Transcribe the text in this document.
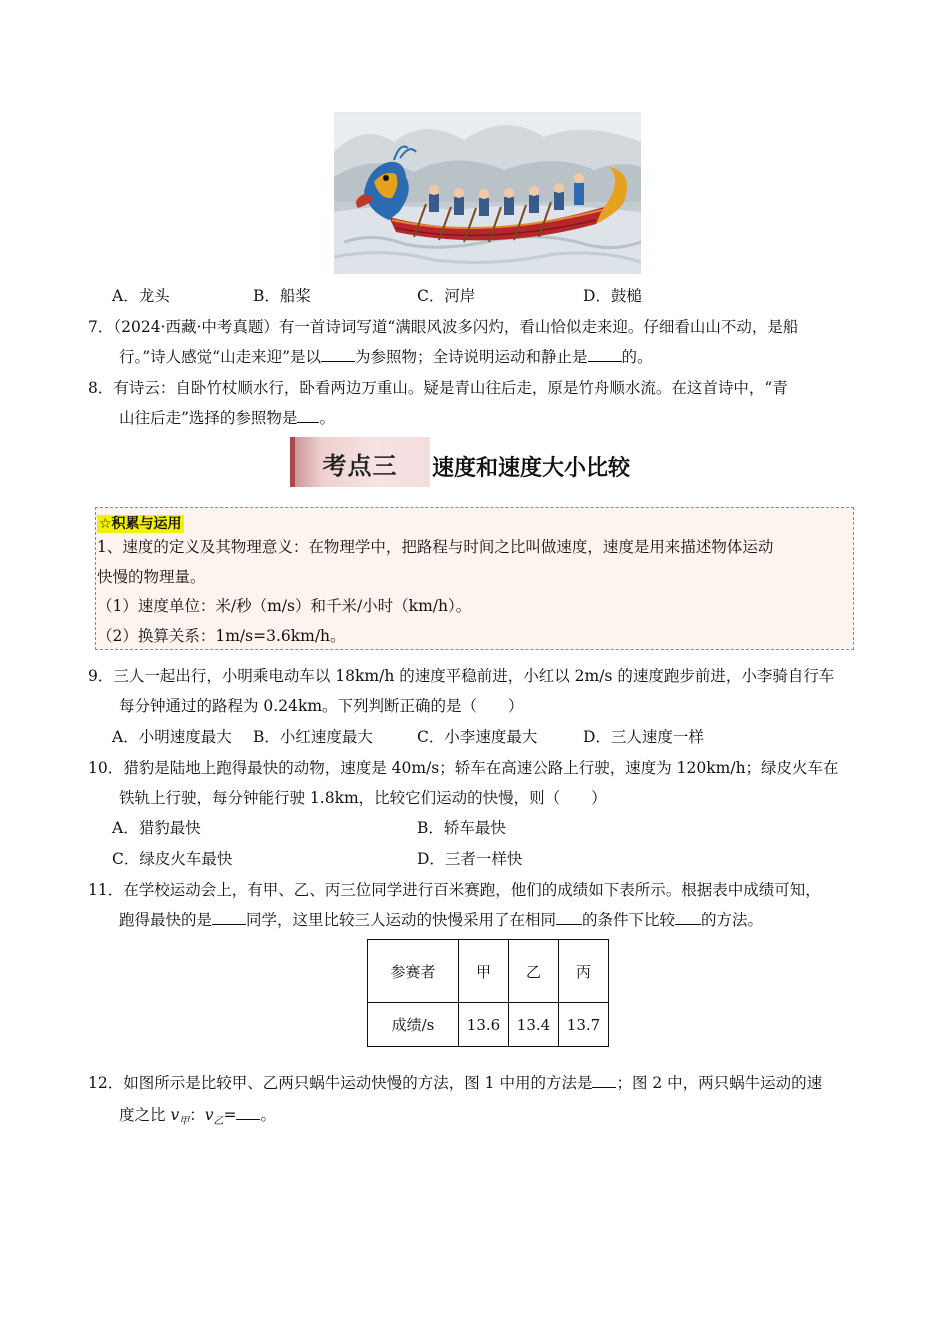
A．龙头	B．船桨	C．河岸	D．鼓槌
7．（2024·西藏·中考真题）有一首诗词写道“满眼风波多闪灼，看山恰似走来迎。仔细看山山不动，是船
行。”诗人感觉“山走来迎”是以 为参照物；全诗说明运动和静止是 的。
8．有诗云：自卧竹杖顺水行，卧看两边万重山。疑是青山往后走，原是竹舟顺水流。在这首诗中，“青
山往后走”选择的参照物是 。
考点三	速度和速度大小比较
☆积累与运用
1、速度的定义及其物理意义：在物理学中，把路程与时间之比叫做速度，速度是用来描述物体运动
快慢的物理量。
（1）速度单位：米/秒（m/s）和千米/小时（km/h）。
（2）换算关系：1m/s=3.6km/h。
9．三人一起出行，小明乘电动车以 18km/h 的速度平稳前进，小红以 2m/s 的速度跑步前进，小李骑自行车
每分钟通过的路程为 0.24km。下列判断正确的是（　　）
A．小明速度最大 B．小红速度最大	C．小李速度最大	D．三人速度一样
10．猎豹是陆地上跑得最快的动物，速度是 40m/s；轿车在高速公路上行驶，速度为 120km/h；绿皮火车在
铁轨上行驶，每分钟能行驶 1.8km，比较它们运动的快慢，则（　　）
A．猎豹最快	B．轿车最快
C．绿皮火车最快	D．三者一样快
11．在学校运动会上，有甲、乙、丙三位同学进行百米赛跑，他们的成绩如下表所示。根据表中成绩可知，
跑得最快的是 同学，这里比较三人运动的快慢采用了在相同 的条件下比较 的方法。
参赛者	甲	乙	丙
成绩/s	13.6	13.4	13.7
12．如图所示是比较甲、乙两只蜗牛运动快慢的方法，图 1 中用的方法是 ；图 2 中，两只蜗牛运动的速
度之比 $v_甲$：$v_乙=$ 。
